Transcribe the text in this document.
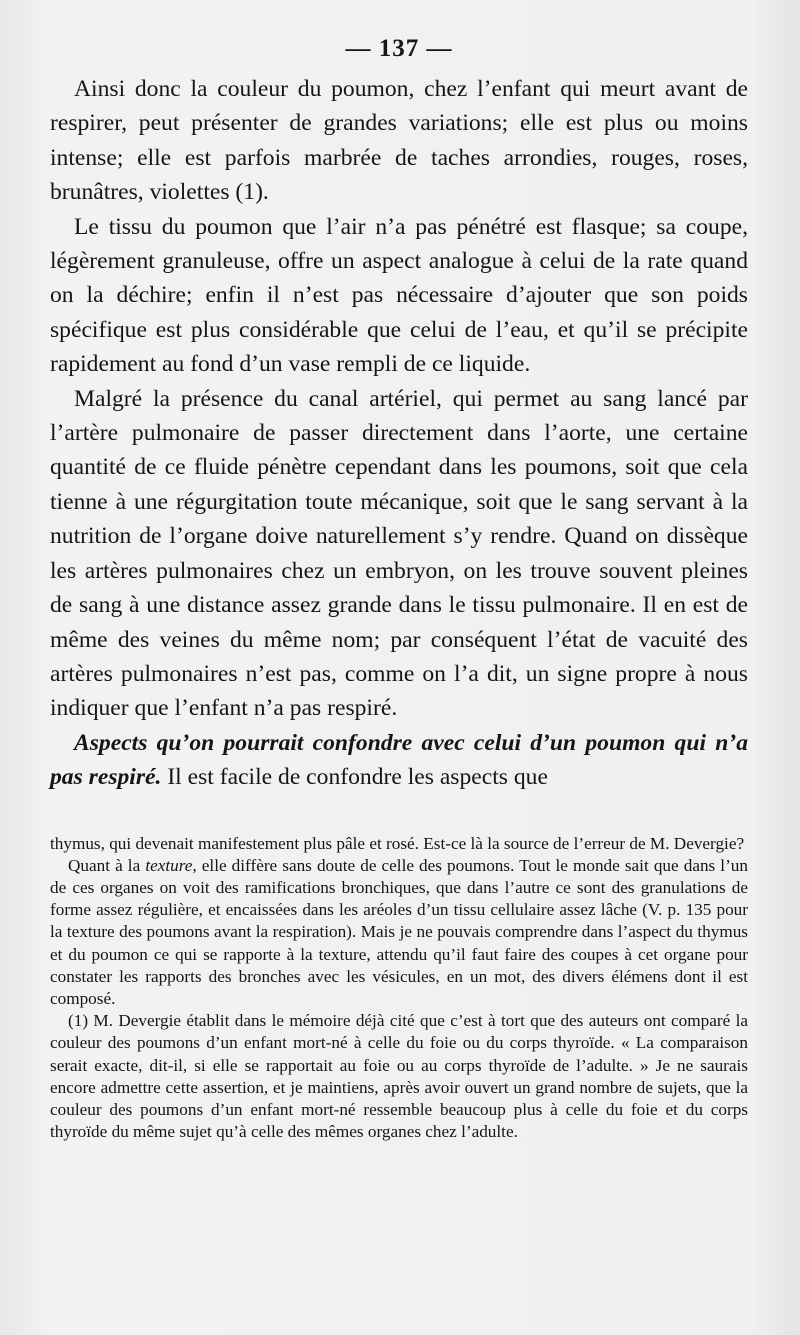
— 137 —

Ainsi donc la couleur du poumon, chez l’enfant qui meurt avant de respirer, peut présenter de grandes variations; elle est plus ou moins intense; elle est parfois marbrée de taches arrondies, rouges, roses, brunâtres, violettes (1).

Le tissu du poumon que l’air n’a pas pénétré est flasque; sa coupe, légèrement granuleuse, offre un aspect analogue à celui de la rate quand on la déchire; enfin il n’est pas nécessaire d’ajouter que son poids spécifique est plus considérable que celui de l’eau, et qu’il se précipite rapidement au fond d’un vase rempli de ce liquide.

Malgré la présence du canal artériel, qui permet au sang lancé par l’artère pulmonaire de passer directement dans l’aorte, une certaine quantité de ce fluide pénètre cependant dans les poumons, soit que cela tienne à une régurgitation toute mécanique, soit que le sang servant à la nutrition de l’organe doive naturellement s’y rendre. Quand on dissèque les artères pulmonaires chez un embryon, on les trouve souvent pleines de sang à une distance assez grande dans le tissu pulmonaire. Il en est de même des veines du même nom; par conséquent l’état de vacuité des artères pulmonaires n’est pas, comme on l’a dit, un signe propre à nous indiquer que l’enfant n’a pas respiré.

Aspects qu’on pourrait confondre avec celui d’un poumon qui n’a pas respiré. Il est facile de confondre les aspects que

thymus, qui devenait manifestement plus pâle et rosé. Est-ce là la source de l’erreur de M. Devergie?

Quant à la texture, elle diffère sans doute de celle des poumons. Tout le monde sait que dans l’un de ces organes on voit des ramifications bronchiques, que dans l’autre ce sont des granulations de forme assez régulière, et encaissées dans les aréoles d’un tissu cellulaire assez lâche (V. p. 135 pour la texture des poumons avant la respiration). Mais je ne pouvais comprendre dans l’aspect du thymus et du poumon ce qui se rapporte à la texture, attendu qu’il faut faire des coupes à cet organe pour constater les rapports des bronches avec les vésicules, en un mot, des divers élémens dont il est composé.

(1) M. Devergie établit dans le mémoire déjà cité que c’est à tort que des auteurs ont comparé la couleur des poumons d’un enfant mort-né à celle du foie ou du corps thyroïde. « La comparaison serait exacte, dit-il, si elle se rapportait au foie ou au corps thyroïde de l’adulte. » Je ne saurais encore admettre cette assertion, et je maintiens, après avoir ouvert un grand nombre de sujets, que la couleur des poumons d’un enfant mort-né ressemble beaucoup plus à celle du foie et du corps thyroïde du même sujet qu’à celle des mêmes organes chez l’adulte.
